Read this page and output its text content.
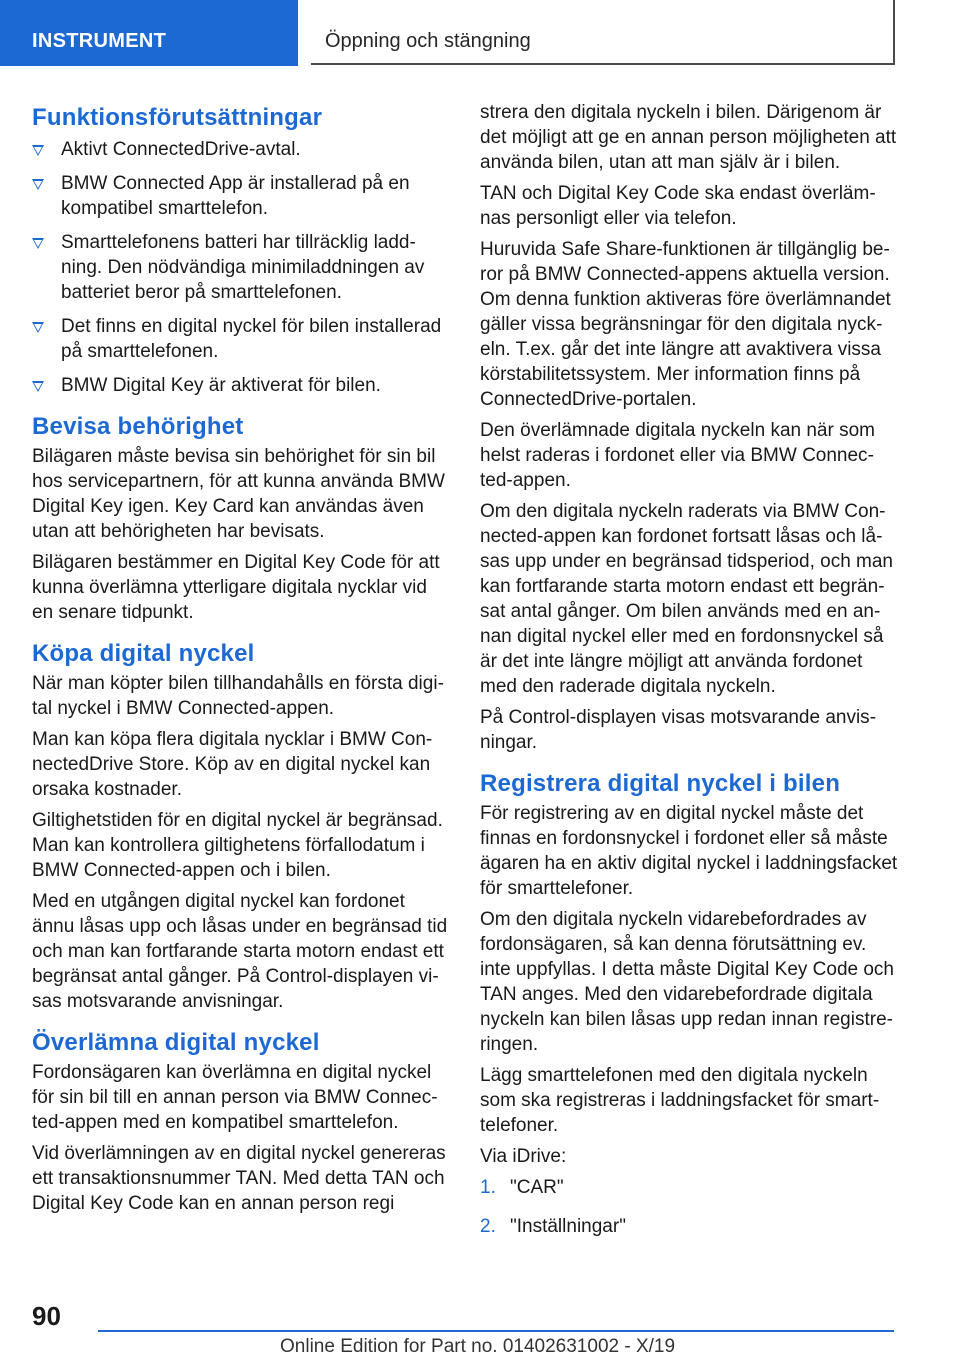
INSTRUMENT	Öppning och stängning
Funktionsförutsättningar
Aktivt ConnectedDrive-avtal.
BMW Connected App är installerad på en kompatibel smarttelefon.
Smarttelefonens batteri har tillräcklig laddning. Den nödvändiga minimiladdningen av batteriet beror på smarttelefonen.
Det finns en digital nyckel för bilen installerad på smarttelefonen.
BMW Digital Key är aktiverat för bilen.
Bevisa behörighet

Bilägaren måste bevisa sin behörighet för sin bil hos servicepartnern, för att kunna använda BMW Digital Key igen. Key Card kan användas även utan att behörigheten har bevisats.

Bilägaren bestämmer en Digital Key Code för att kunna överlämna ytterligare digitala nycklar vid en senare tidpunkt.

Köpa digital nyckel

När man köpter bilen tillhandahålls en första digital nyckel i BMW Connected-appen.

Man kan köpa flera digitala nycklar i BMW ConnectedDrive Store. Köp av en digital nyckel kan orsaka kostnader.

Giltighetstiden för en digital nyckel är begränsad. Man kan kontrollera giltighetens förfallodatum i BMW Connected-appen och i bilen.

Med en utgången digital nyckel kan fordonet ännu låsas upp och låsas under en begränsad tid och man kan fortfarande starta motorn endast ett begränsat antal gånger. På Control-displayen visas motsvarande anvisningar.

Överlämna digital nyckel

Fordonsägaren kan överlämna en digital nyckel för sin bil till en annan person via BMW Connected-appen med en kompatibel smarttelefon.

Vid överlämningen av en digital nyckel genereras ett transaktionsnummer TAN. Med detta TAN och Digital Key Code kan en annan person regi

strera den digitala nyckeln i bilen. Därigenom är det möjligt att ge en annan person möjligheten att använda bilen, utan att man själv är i bilen.

TAN och Digital Key Code ska endast överlämnas personligt eller via telefon.

Huruvida Safe Share-funktionen är tillgänglig beror på BMW Connected-appens aktuella version. Om denna funktion aktiveras före överlämnandet gäller vissa begränsningar för den digitala nyckeln. T.ex. går det inte längre att avaktivera vissa körstabilitetssystem. Mer information finns på ConnectedDrive-portalen.

Den överlämnade digitala nyckeln kan när som helst raderas i fordonet eller via BMW Connected-appen.

Om den digitala nyckeln raderats via BMW Connected-appen kan fordonet fortsatt låsas och låsas upp under en begränsad tidsperiod, och man kan fortfarande starta motorn endast ett begränsat antal gånger. Om bilen används med en annan digital nyckel eller med en fordonsnyckel så är det inte längre möjligt att använda fordonet med den raderade digitala nyckeln.

På Control-displayen visas motsvarande anvisningar.

Registrera digital nyckel i bilen

För registrering av en digital nyckel måste det finnas en fordonsnyckel i fordonet eller så måste ägaren ha en aktiv digital nyckel i laddningsfacket för smarttelefoner.

Om den digitala nyckeln vidarebefordrades av fordonsägaren, så kan denna förutsättning ev. inte uppfyllas. I detta måste Digital Key Code och TAN anges. Med den vidarebefordrade digitala nyckeln kan bilen låsas upp redan innan registreringen.

Lägg smarttelefonen med den digitala nyckeln som ska registreras i laddningsfacket för smarttelefoner.

Via iDrive:

1. "CAR"
2. "Inställningar"
90
Online Edition for Part no. 01402631002 - X/19
